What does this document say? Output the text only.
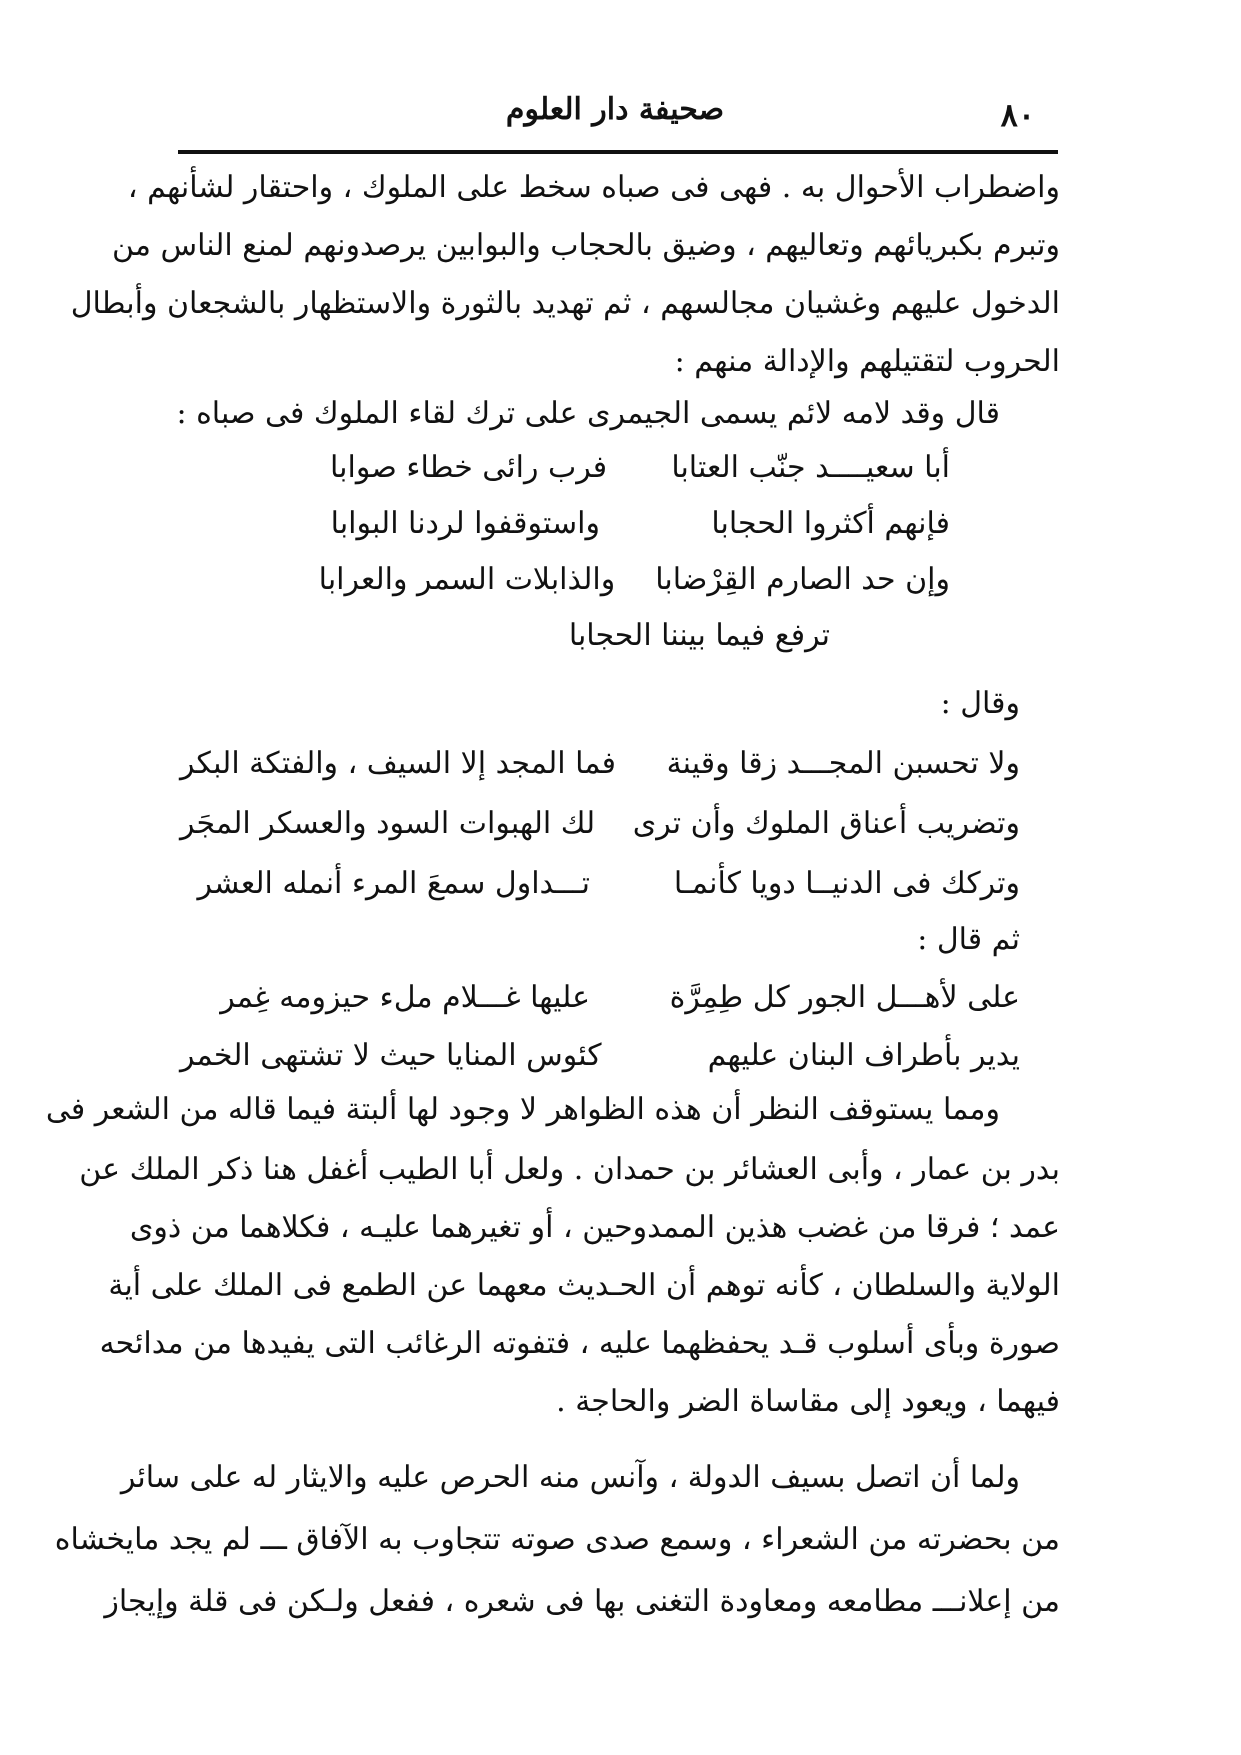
صحيفة دار العلوم	٨٠
واضطراب الأحوال به . فهى فى صباه سخط على الملوك ، واحتقار لشأنهم ،
وتبرم بكبريائهم وتعاليهم ، وضيق بالحجاب والبوابين يرصدونهم لمنع الناس من
الدخول عليهم وغشيان مجالسهم ، ثم تهديد بالثورة والاستظهار بالشجعان وأبطال
الحروب لتقتيلهم والإدالة منهم :
قال وقد لامه لائم يسمى الجيمرى على ترك لقاء الملوك فى صباه :
أبا سعيــــد جنّب العتابا
فرب رائى خطاء صوابا
فإنهم أكثروا الحجابا
واستوقفوا لردنا البوابا
وإن حد الصارم القِرْضابا
والذابلات السمر والعرابا
ترفع فيما بيننا الحجابا
وقال :
ولا تحسبن المجـــد زقا وقينة
فما المجد إلا السيف ، والفتكة البكر
وتضريب أعناق الملوك وأن ترى
لك الهبوات السود والعسكر المجَر
وتركك فى الدنيــا دويا كأنمـا
تـــداول سمعَ المرء أنمله العشر
ثم قال :
على لأهـــل الجور كل طِمِرَّة
عليها غـــلام ملء حيزومه غِمر
يدير بأطراف البنان عليهم
كئوس المنايا حيث لا تشتهى الخمر
ومما يستوقف النظر أن هذه الظواهر لا وجود لها ألبتة فيما قاله من الشعر فى
بدر بن عمار ، وأبى العشائر بن حمدان . ولعل أبا الطيب أغفل هنا ذكر الملك عن
عمد ؛ فرقا من غضب هذين الممدوحين ، أو تغيرهما عليـه ، فكلاهما من ذوى
الولاية والسلطان ، كأنه توهم أن الحـديث معهما عن الطمع فى الملك على أية
صورة وبأى أسلوب قـد يحفظهما عليه ، فتفوته الرغائب التى يفيدها من مدائحه
فيهما ، ويعود إلى مقاساة الضر والحاجة .
ولما أن اتصل بسيف الدولة ، وآنس منه الحرص عليه والايثار له على سائر
من بحضرته من الشعراء ، وسمع صدى صوته تتجاوب به الآفاق ـــ لم يجد مايخشاه
من إعلانـــ مطامعه ومعاودة التغنى بها فى شعره ، ففعل ولـكن فى قلة وإيجاز
